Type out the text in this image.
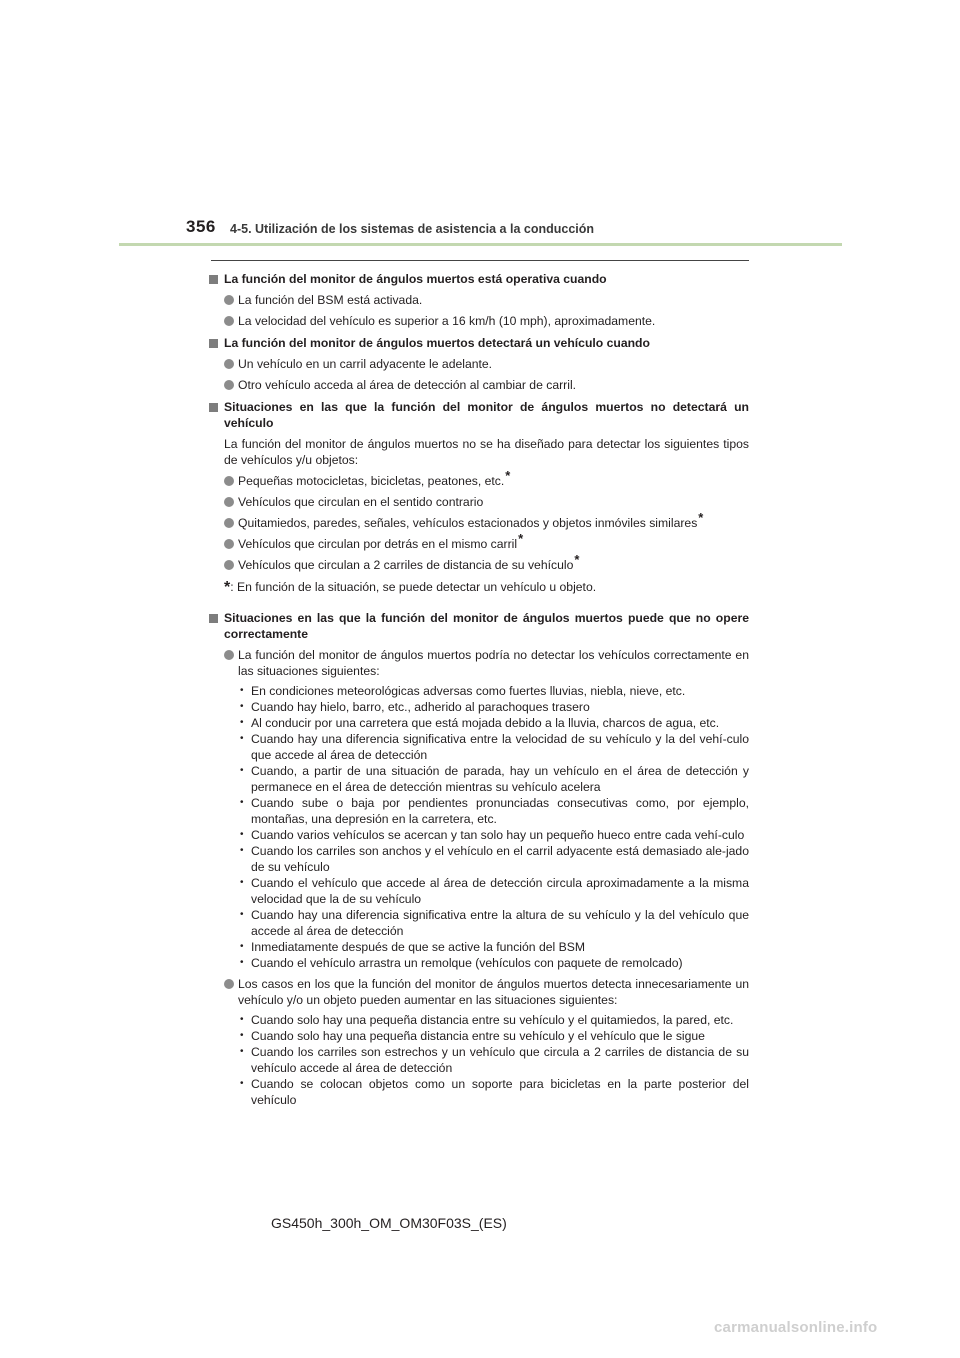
356 4-5. Utilización de los sistemas de asistencia a la conducción
La función del monitor de ángulos muertos está operativa cuando
La función del BSM está activada.
La velocidad del vehículo es superior a 16 km/h (10 mph), aproximadamente.
La función del monitor de ángulos muertos detectará un vehículo cuando
Un vehículo en un carril adyacente le adelante.
Otro vehículo acceda al área de detección al cambiar de carril.
Situaciones en las que la función del monitor de ángulos muertos no detectará un vehículo
La función del monitor de ángulos muertos no se ha diseñado para detectar los siguientes tipos de vehículos y/u objetos:
Pequeñas motocicletas, bicicletas, peatones, etc.*
Vehículos que circulan en el sentido contrario
Quitamiedos, paredes, señales, vehículos estacionados y objetos inmóviles similares*
Vehículos que circulan por detrás en el mismo carril*
Vehículos que circulan a 2 carriles de distancia de su vehículo*
*: En función de la situación, se puede detectar un vehículo u objeto.
Situaciones en las que la función del monitor de ángulos muertos puede que no opere correctamente
La función del monitor de ángulos muertos podría no detectar los vehículos correctamente en las situaciones siguientes:
• En condiciones meteorológicas adversas como fuertes lluvias, niebla, nieve, etc.
• Cuando hay hielo, barro, etc., adherido al parachoques trasero
• Al conducir por una carretera que está mojada debido a la lluvia, charcos de agua, etc.
• Cuando hay una diferencia significativa entre la velocidad de su vehículo y la del vehí-culo que accede al área de detección
• Cuando, a partir de una situación de parada, hay un vehículo en el área de detección y permanece en el área de detección mientras su vehículo acelera
• Cuando sube o baja por pendientes pronunciadas consecutivas como, por ejemplo, montañas, una depresión en la carretera, etc.
• Cuando varios vehículos se acercan y tan solo hay un pequeño hueco entre cada vehí-culo
• Cuando los carriles son anchos y el vehículo en el carril adyacente está demasiado ale-jado de su vehículo
• Cuando el vehículo que accede al área de detección circula aproximadamente a la misma velocidad que la de su vehículo
• Cuando hay una diferencia significativa entre la altura de su vehículo y la del vehículo que accede al área de detección
• Inmediatamente después de que se active la función del BSM
• Cuando el vehículo arrastra un remolque (vehículos con paquete de remolcado)
Los casos en los que la función del monitor de ángulos muertos detecta innecesariamente un vehículo y/o un objeto pueden aumentar en las situaciones siguientes:
• Cuando solo hay una pequeña distancia entre su vehículo y el quitamiedos, la pared, etc.
• Cuando solo hay una pequeña distancia entre su vehículo y el vehículo que le sigue
• Cuando los carriles son estrechos y un vehículo que circula a 2 carriles de distancia de su vehículo accede al área de detección
• Cuando se colocan objetos como un soporte para bicicletas en la parte posterior del vehículo
GS450h_300h_OM_OM30F03S_(ES)
carmanualsonline.info
